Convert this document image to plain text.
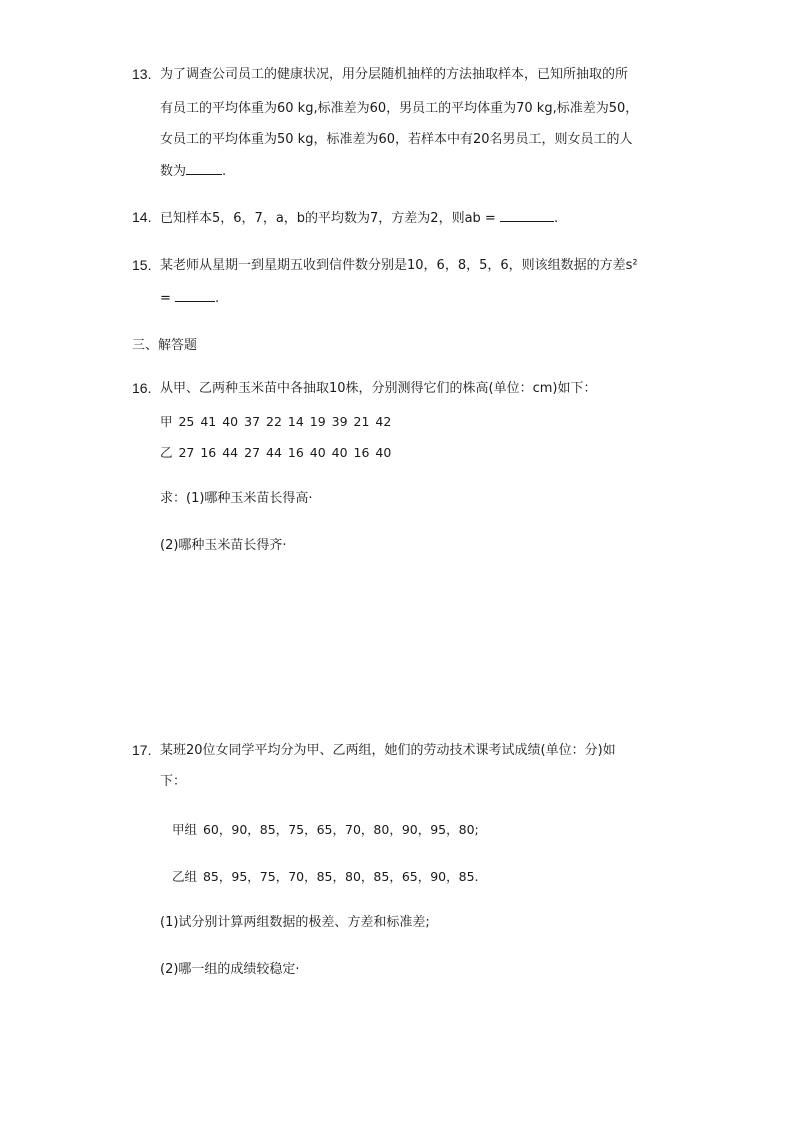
13. 为了调查公司员工的健康状况，用分层随机抽样的方法抽取样本，已知所抽取的所
有员工的平均体重为60 kg,标准差为60，男员工的平均体重为70 kg,标准差为50，
女员工的平均体重为50 kg，标准差为60，若样本中有20名男员工，则女员工的人
数为	.
14. 已知样本5，6，7，a，b的平均数为7，方差为2，则ab =	.
15. 某老师从星期一到星期五收到信件数分别是10，6，8，5，6，则该组数据的方差s²
=	.
三、解答题
16. 从甲、乙两种玉米苗中各抽取10株，分别测得它们的株高(单位：cm)如下：
甲 25 41 40 37 22 14 19 39 21 42
乙 27 16 44 27 44 16 40 40 16 40
求：(1)哪种玉米苗长得高·
(2)哪种玉米苗长得齐·
17. 某班20位女同学平均分为甲、乙两组，她们的劳动技术课考试成绩(单位：分)如
下：
甲组 60，90，85，75，65，70，80，90，95，80;
乙组 85，95，75，70，85，80，85，65，90，85.
(1)试分别计算两组数据的极差、方差和标准差;
(2)哪一组的成绩较稳定·
